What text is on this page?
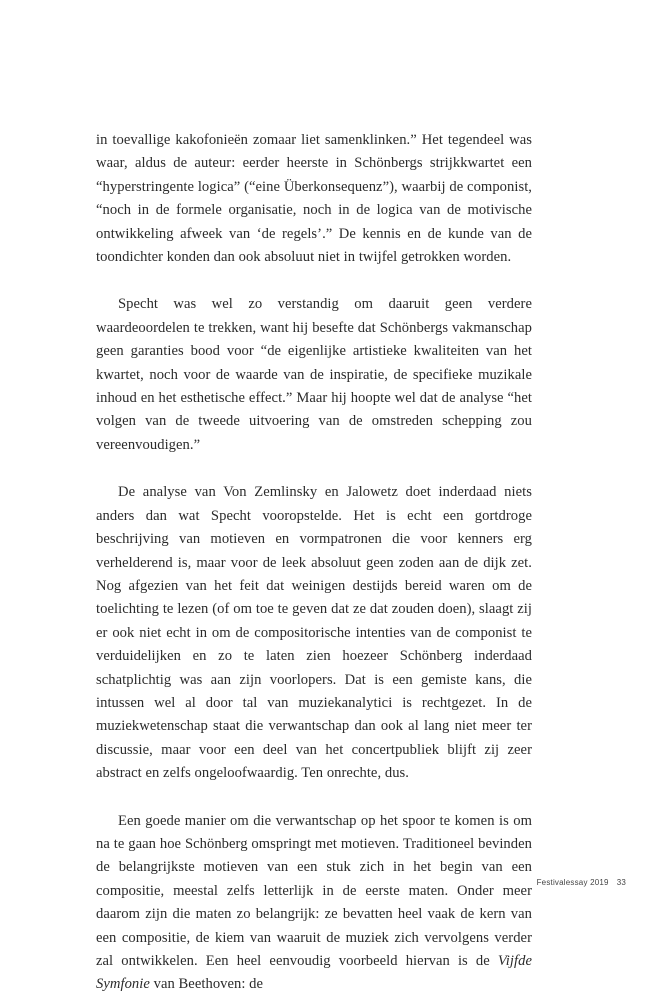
in toevallige kakofonieën zomaar liet samenklinken.” Het tegendeel was waar, aldus de auteur: eerder heerste in Schönbergs strijkkwartet een “hyperstringente logica” (“eine Überkonsequenz”), waarbij de componist, “noch in de formele organisatie, noch in de logica van de motivische ontwikkeling afweek van ‘de regels’.” De kennis en de kunde van de toondichter konden dan ook absoluut niet in twijfel getrokken worden.

Specht was wel zo verstandig om daaruit geen verdere waardeoordelen te trekken, want hij besefte dat Schönbergs vakmanschap geen garanties bood voor “de eigenlijke artistieke kwaliteiten van het kwartet, noch voor de waarde van de inspiratie, de specifieke muzikale inhoud en het esthetische effect.” Maar hij hoopte wel dat de analyse “het volgen van de tweede uitvoering van de omstreden schepping zou vereenvoudigen.”

De analyse van Von Zemlinsky en Jalowetz doet inderdaad niets anders dan wat Specht vooropstelde. Het is echt een gortdroge beschrijving van motieven en vormpatronen die voor kenners erg verhelderend is, maar voor de leek absoluut geen zoden aan de dijk zet. Nog afgezien van het feit dat weinigen destijds bereid waren om de toelichting te lezen (of om toe te geven dat ze dat zouden doen), slaagt zij er ook niet echt in om de compositorische intenties van de componist te verduidelijken en zo te laten zien hoezeer Schönberg inderdaad schatplichtig was aan zijn voorlopers. Dat is een gemiste kans, die intussen wel al door tal van muziekanalytici is rechtgezet. In de muziekwetenschap staat die verwantschap dan ook al lang niet meer ter discussie, maar voor een deel van het concertpubliek blijft zij zeer abstract en zelfs ongeloofwaardig. Ten onrechte, dus.

Een goede manier om die verwantschap op het spoor te komen is om na te gaan hoe Schönberg omspringt met motieven. Traditioneel bevinden de belangrijkste motieven van een stuk zich in het begin van een compositie, meestal zelfs letterlijk in de eerste maten. Onder meer daarom zijn die maten zo belangrijk: ze bevatten heel vaak de kern van een compositie, de kiem van waaruit de muziek zich vervolgens verder zal ontwikkelen. Een heel eenvoudig voorbeeld hiervan is de Vijfde Symfonie van Beethoven: de

Festivalessay 2019 33
